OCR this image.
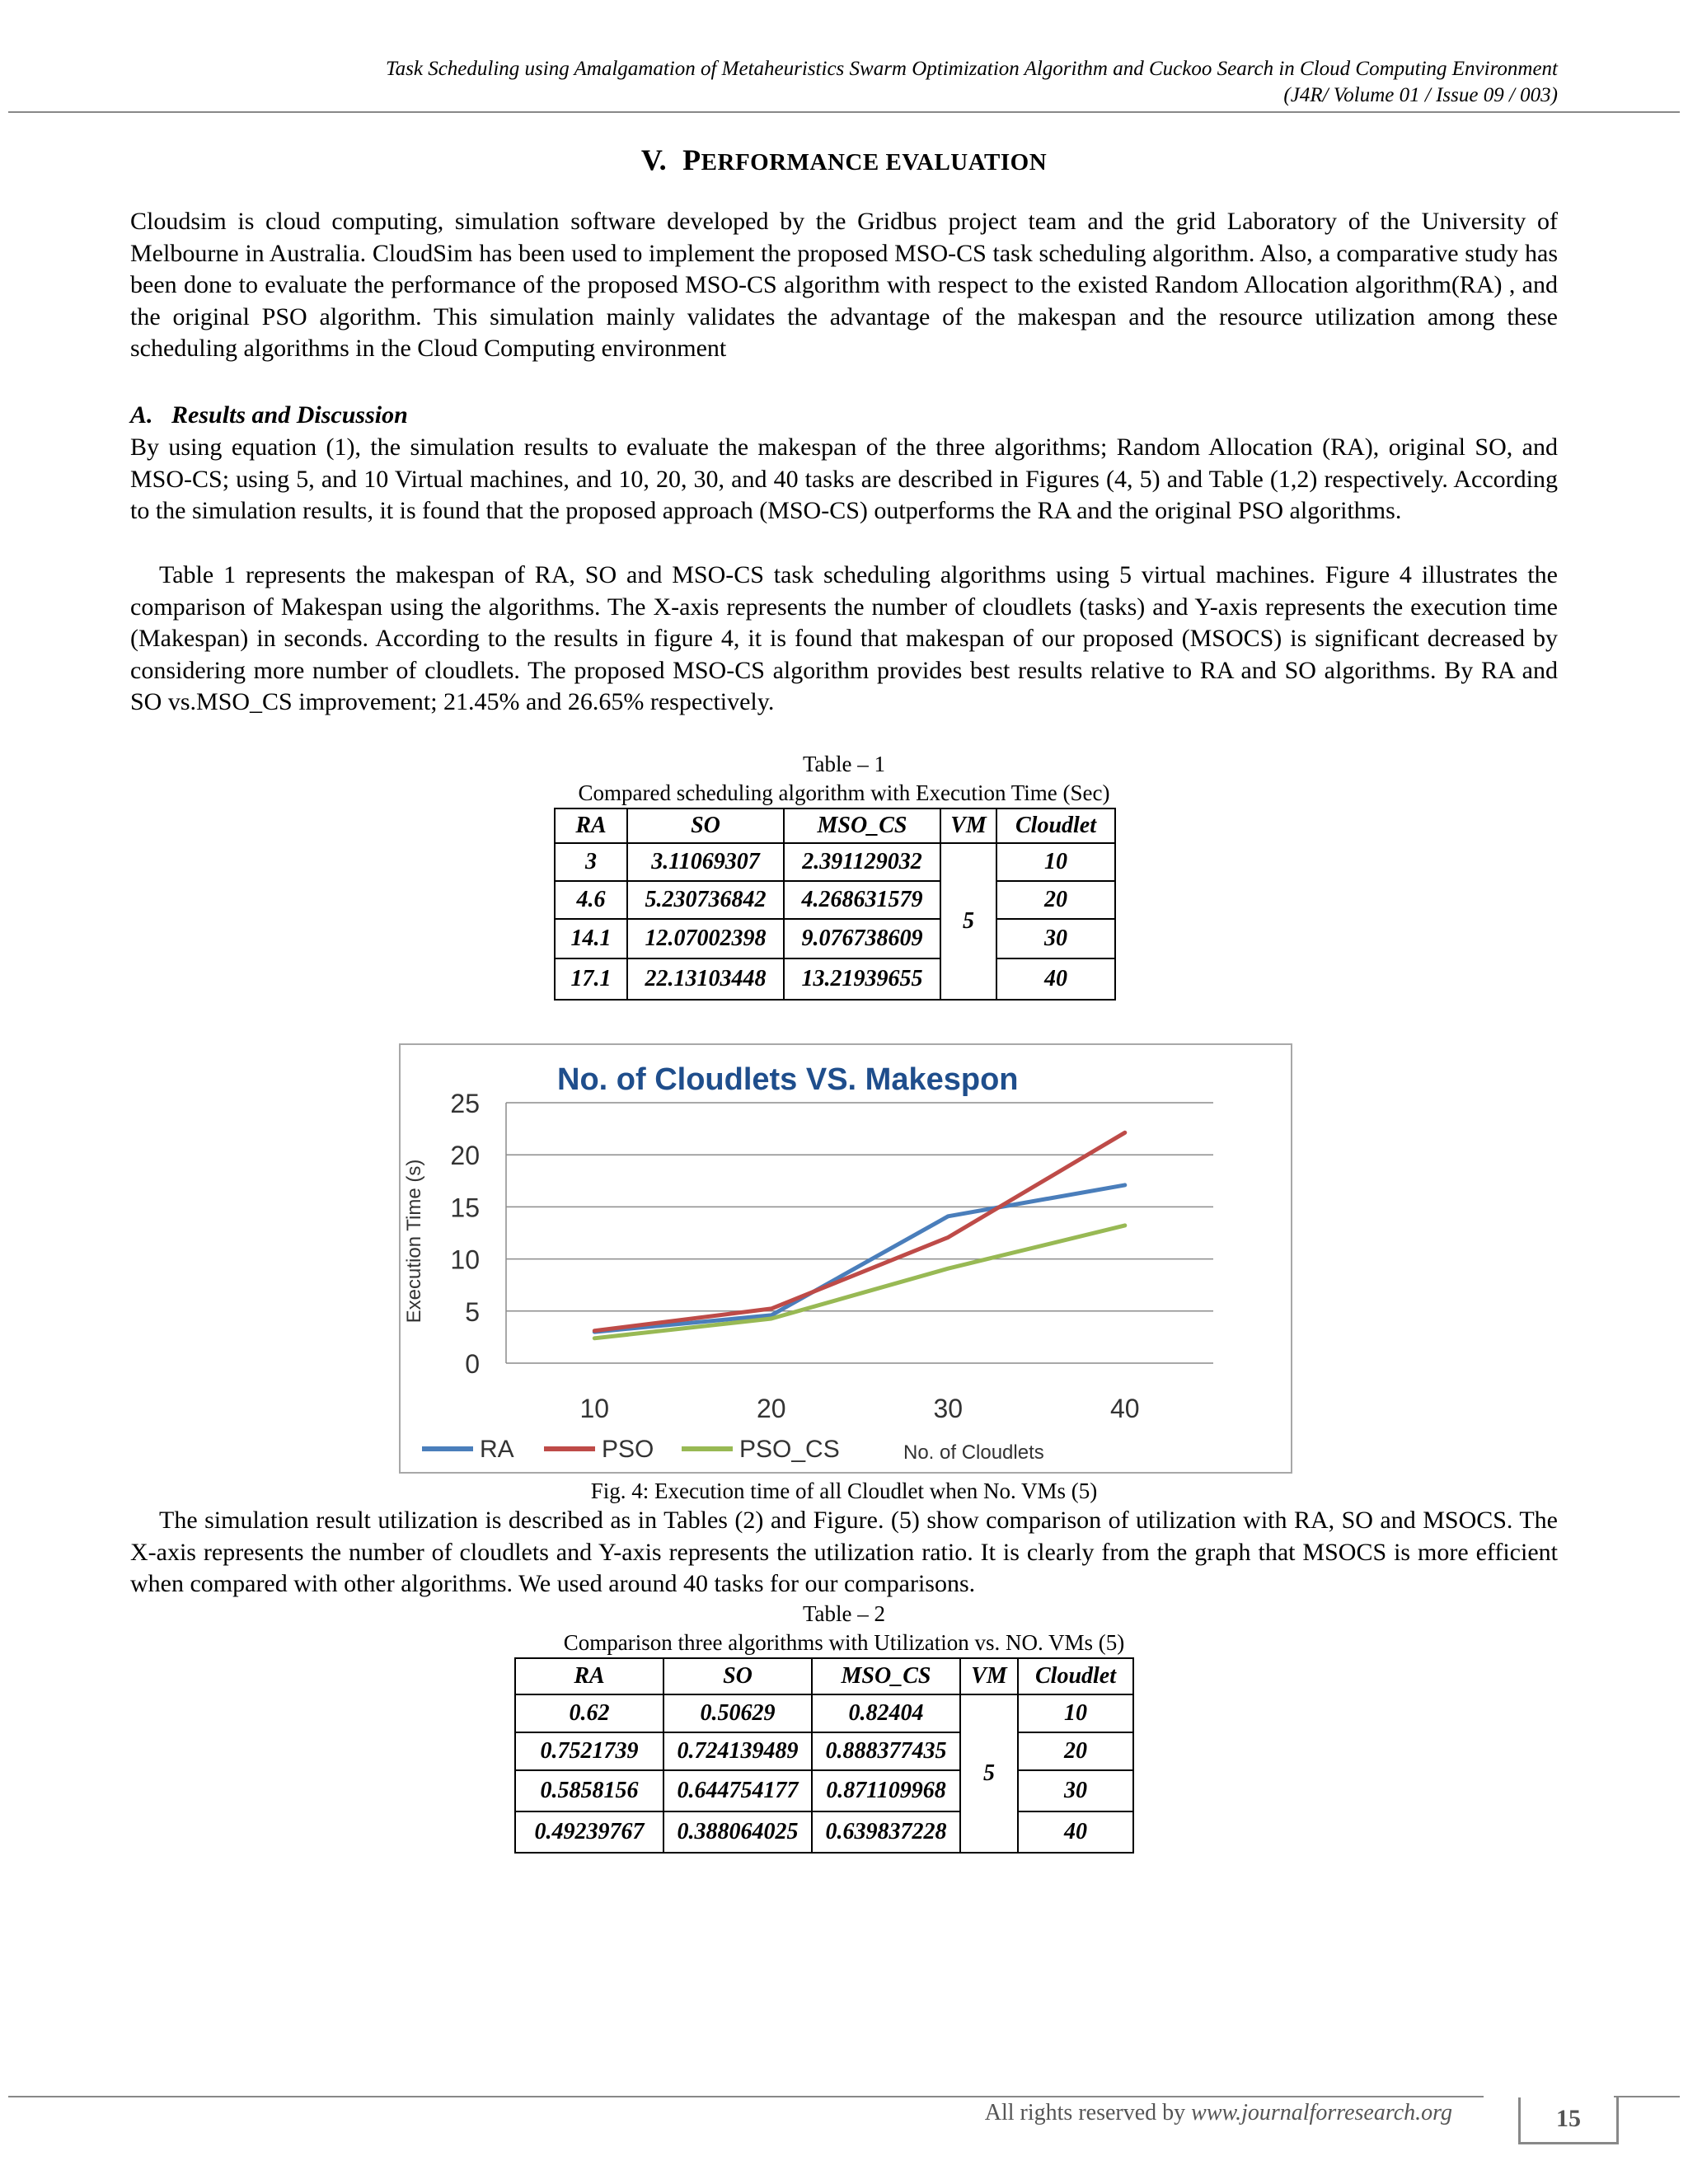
Task Scheduling using Amalgamation of Metaheuristics Swarm Optimization Algorithm and Cuckoo Search in Cloud Computing Environment
(J4R/ Volume 01 / Issue 09 / 003)
V. PERFORMANCE EVALUATION

Cloudsim is cloud computing, simulation software developed by the Gridbus project team and the grid Laboratory of the University of Melbourne in Australia. CloudSim has been used to implement the proposed MSO-CS task scheduling algorithm. Also, a comparative study has been done to evaluate the performance of the proposed MSO-CS algorithm with respect to the existed Random Allocation algorithm(RA) , and the original PSO algorithm. This simulation mainly validates the advantage of the makespan and the resource utilization among these scheduling algorithms in the Cloud Computing environment

A.   Results and Discussion

By using equation (1), the simulation results to evaluate the makespan of the three algorithms; Random Allocation (RA), original SO, and MSO-CS; using 5, and 10 Virtual machines, and 10, 20, 30, and 40 tasks are described in Figures (4, 5) and Table (1,2) respectively. According to the simulation results, it is found that the proposed approach (MSO-CS) outperforms the RA and the original PSO algorithms.

Table 1 represents the makespan of RA, SO and MSO-CS task scheduling algorithms using 5 virtual machines. Figure 4 illustrates the comparison of Makespan using the algorithms. The X-axis represents the number of cloudlets (tasks) and Y-axis represents the execution time (Makespan) in seconds. According to the results in figure 4, it is found that makespan of our proposed (MSOCS) is significant decreased by considering more number of cloudlets. The proposed MSO-CS algorithm provides best results relative to RA and SO algorithms. By RA and SO vs.MSO_CS improvement; 21.45% and 26.65% respectively.

Table – 1
Compared scheduling algorithm with Execution Time (Sec)
RA	SO	MSO_CS	VM	Cloudlet
3	3.11069307	2.391129032	5	10
4.6	5.230736842	4.268631579		20
14.1	12.07002398	9.076738609		30
17.1	22.13103448	13.21939655		40
No. of Cloudlets VS. Makespon
0
5
10
15
20
25
Execution Time (s)
10	20	30	40
RA	PSO	PSO_CS	No. of Cloudlets
Fig. 4: Execution time of all Cloudlet when No. VMs (5)

The simulation result utilization is described as in Tables (2) and Figure. (5) show comparison of utilization with RA, SO and MSOCS. The X-axis represents the number of cloudlets and Y-axis represents the utilization ratio. It is clearly from the graph that MSOCS is more efficient when compared with other algorithms. We used around 40 tasks for our comparisons.

Table – 2
Comparison three algorithms with Utilization vs. NO. VMs (5)
RA	SO	MSO_CS	VM	Cloudlet
0.62	0.50629	0.82404	5	10
0.7521739	0.724139489	0.888377435		20
0.5858156	0.644754177	0.871109968		30
0.49239767	0.388064025	0.639837228		40
All rights reserved by www.journalforresearch.org	15
